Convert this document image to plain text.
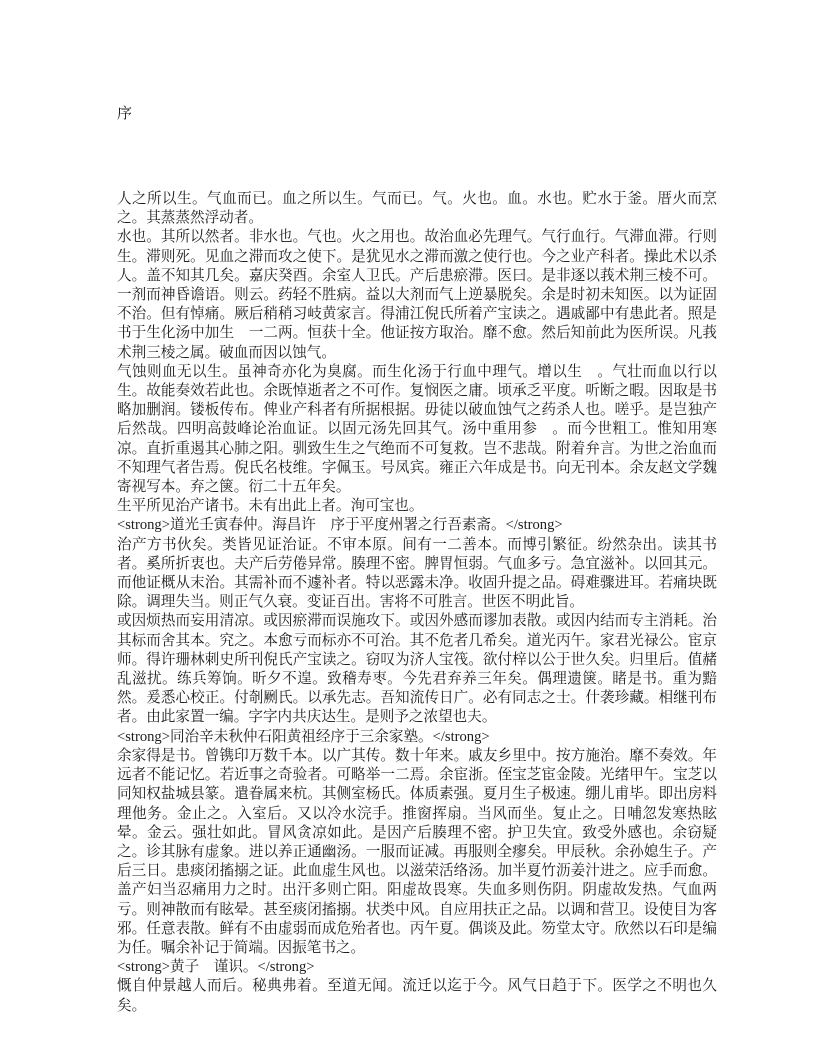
序

人之所以生。气血而已。血之所以生。气而已。气。火也。血。水也。贮水于釜。厝火而烹之。其蒸蒸然浮动者。

水也。其所以然者。非水也。气也。火之用也。故治血必先理气。气行血行。气滞血滞。行则生。滞则死。见血之滞而攻之使下。是犹见水之滞而激之使行也。今之业产科者。操此术以杀人。盖不知其几矣。嘉庆癸酉。余室人卫氏。产后患瘀滞。医曰。是非逐以莪术荆三棱不可。一剂而神昏谵语。则云。药轻不胜病。益以大剂而气上逆暴脱矣。余是时初未知医。以为证固不治。但有悼痛。厥后稍稍习岐黄家言。得浦江倪氏所着产宝读之。遇戚鄙中有患此者。照是书于生化汤中加生　一二两。恒获十全。他证按方取治。靡不愈。然后知前此为医所误。凡莪术荆三棱之属。破血而因以蚀气。

气蚀则血无以生。虽神奇亦化为臭腐。而生化汤于行血中理气。增以生　。气壮而血以行以生。故能奏效若此也。余既悼逝者之不可作。复悯医之庸。顷承乏平度。听断之暇。因取是书略加删润。镂板传布。俾业产科者有所据根据。毋徒以破血蚀气之药杀人也。嗟乎。是岂独产后然哉。四明高鼓峰论治血证。以固元汤先回其气。汤中重用参　。而今世粗工。惟知用寒凉。直折重遏其心肺之阳。驯致生生之气绝而不可复救。岂不悲哉。附着弁言。为世之治血而不知理气者告焉。倪氏名枝维。字佩玉。号凤宾。雍正六年成是书。向无刊本。余友赵文学魏寄视写本。弃之箧。衍二十五年矣。

生平所见治产诸书。未有出此上者。洵可宝也。

<strong>道光壬寅春仲。海昌许　序于平度州署之行吾素斋。</strong>

治产方书伙矣。类皆见证治证。不审本原。间有一二善本。而博引繁征。纷然杂出。读其书者。奚所折衷也。夫产后劳倦异常。腠理不密。脾胃恒弱。气血多亏。急宜滋补。以回其元。而他证概从末治。其需补而不遽补者。特以恶露未净。收固升提之品。碍难骤进耳。若痛块既除。调理失当。则正气久衰。变证百出。害将不可胜言。世医不明此旨。

或因烦热而妄用清凉。或因瘀滞而误施攻下。或因外感而谬加表散。或因内结而专主消耗。治其标而舍其本。究之。本愈亏而标亦不可治。其不危者几希矣。道光丙午。家君光禄公。宦京师。得许珊林刺史所刊倪氏产宝读之。窃叹为济人宝筏。欲付梓以公于世久矣。归里后。值赭乱滋扰。练兵筹饷。昕夕不遑。致稽寿枣。今先君弃养三年矣。偶理遗箧。睹是书。重为黯然。爰悉心校正。付剞劂氏。以承先志。吾知流传日广。必有同志之士。什袭珍藏。相继刊布者。由此家置一编。字字内共庆达生。是则予之浓望也夫。

<strong>同治辛未秋仲石阳黄祖经序于三余家塾。</strong>

余家得是书。曾镌印万数千本。以广其传。数十年来。戚友乡里中。按方施治。靡不奏效。年远者不能记忆。若近事之奇验者。可略举一二焉。余宦浙。侄宝芝宦金陵。光绪甲午。宝芝以同知权盐城县篆。遣眷属来杭。其侧室杨氏。体质素强。夏月生子极速。绷儿甫毕。即出房料理他务。金止之。入室后。又以冷水浣手。推窗挥扇。当风而坐。复止之。日哺忽发寒热眩晕。金云。强壮如此。冒风贪凉如此。是因产后腠理不密。护卫失宜。致受外感也。余窃疑之。诊其脉有虚象。进以养正通幽汤。一服而证减。再服则全瘳矣。甲辰秋。余孙媳生子。产后三日。患痰闭搐搦之证。此血虚生风也。以滋荣活络汤。加半夏竹沥姜汁进之。应手而愈。盖产妇当忍痛用力之时。出汗多则亡阳。阳虚故畏寒。失血多则伤阴。阴虚故发热。气血两亏。则神散而有眩晕。甚至痰闭搐搦。状类中风。自应用扶正之品。以调和营卫。设使目为客邪。任意表散。鲜有不由虚弱而成危殆者也。丙午夏。偶谈及此。笏堂太守。欣然以石印是编为任。嘱余补记于简端。因振笔书之。

<strong>黄子　谨识。</strong>

慨自仲景越人而后。秘典弗着。至道无闻。流迁以迄于今。风气日趋于下。医学之不明也久矣。
